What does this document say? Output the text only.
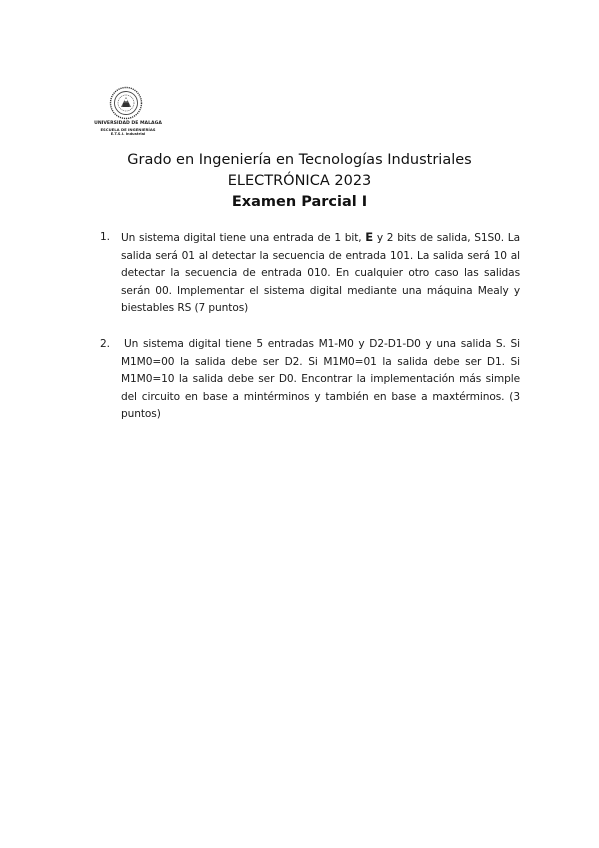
UNIVERSIDAD DE MALAGA
ESCUELA DE INGENIERÍAS
E.T.S.I. Industrial
Grado en Ingeniería en Tecnologías Industriales
ELECTRÓNICA 2023
Examen Parcial I
1. Un sistema digital tiene una entrada de 1 bit, E y 2 bits de salida, S1S0. La salida será 01 al detectar la secuencia de entrada 101. La salida será 10 al detectar la secuencia de entrada 010. En cualquier otro caso las salidas serán 00. Implementar el sistema digital mediante una máquina Mealy y biestables RS (7 puntos)
2. Un sistema digital tiene 5 entradas M1-M0 y D2-D1-D0 y una salida S. Si M1M0=00 la salida debe ser D2. Si M1M0=01 la salida debe ser D1. Si M1M0=10 la salida debe ser D0. Encontrar la implementación más simple del circuito en base a mintérminos y también en base a maxtérminos. (3 puntos)
